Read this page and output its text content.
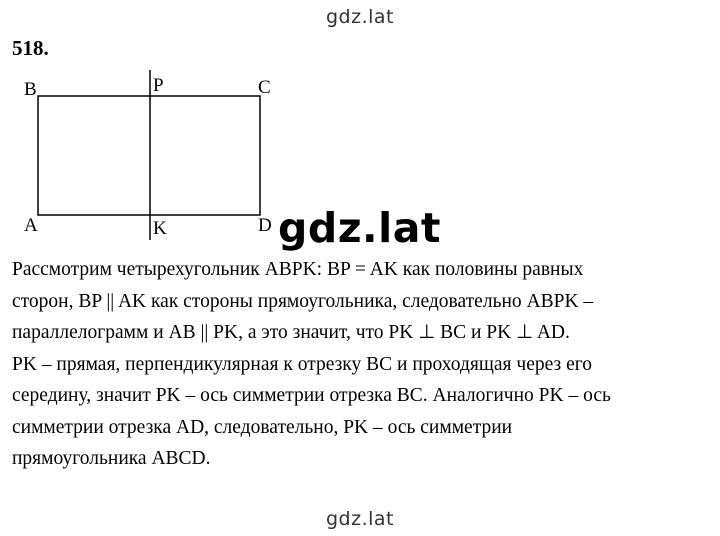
gdz.lat
518.
B	P	C
A	K	D gdz.lat

Рассмотрим четырехугольник ABPK: BP = AK как половины равных

сторон, BP || AK как стороны прямоугольника, следовательно ABPK –

параллелограмм и AB || PK, а это значит, что PK ⊥ BC и PK ⊥ AD.

PK – прямая, перпендикулярная к отрезку BC и проходящая через его

середину, значит PK – ось симметрии отрезка BC. Аналогично PK – ось

симметрии отрезка AD, следовательно, PK – ось симметрии

прямоугольника ABCD.

gdz.lat
